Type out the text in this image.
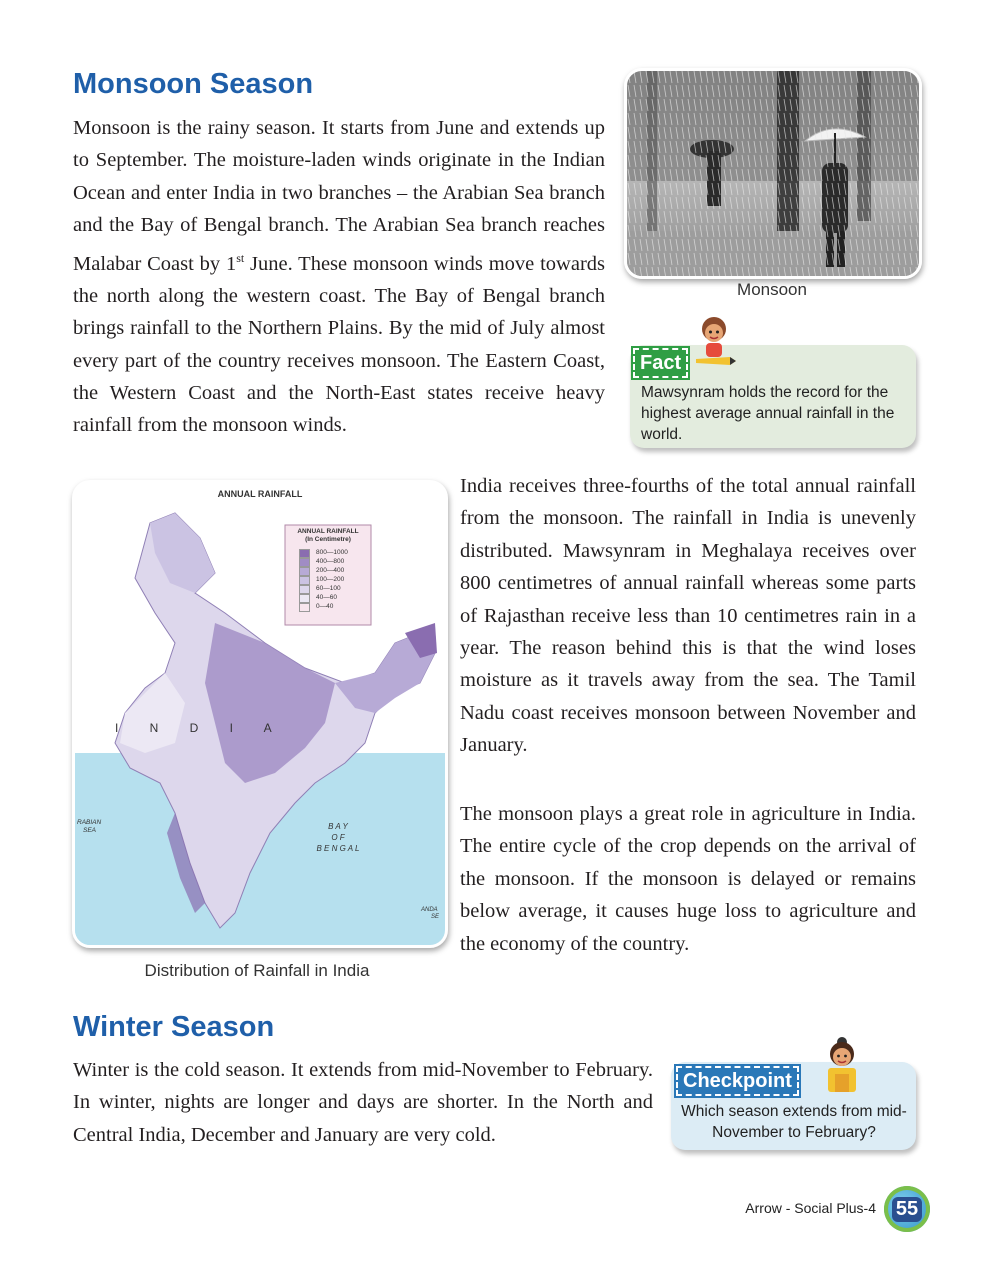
Monsoon Season

Monsoon is the rainy season. It starts from June and extends up to September. The moisture-laden winds originate in the Indian Ocean and enter India in two branches – the Arabian Sea branch and the Bay of Bengal branch. The Arabian Sea branch reaches Malabar Coast by 1st June. These monsoon winds move towards the north along the western coast. The Bay of Bengal branch brings rainfall to the Northern Plains. By the mid of July almost every part of the country receives monsoon. The Eastern Coast, the Western Coast and the North-East states receive heavy rainfall from the monsoon winds.

Monsoon
Fact
Mawsynram holds the record for the highest average annual rainfall in the world.
ANNUAL RAINFALL
ANNUAL RAINFALL
(In Centimetre)
800—1000
400—800
200—400
100—200
60—100
40—60
0—40
I N D I A
B A Y
O F
B E N G A L
RABIAN
SEA
ANDA
SE
Distribution of Rainfall in India

India receives three-fourths of the total annual rainfall from the monsoon. The rainfall in India is unevenly distributed. Mawsynram in Meghalaya receives over 800 centimetres of annual rainfall whereas some parts of Rajasthan receive less than 10 centimetres rain in a year. The reason behind this is that the wind loses moisture as it travels away from the sea. The Tamil Nadu coast receives monsoon between November and January.

The monsoon plays a great role in agriculture in India. The entire cycle of the crop depends on the arrival of the monsoon. If the monsoon is delayed or remains below average, it causes huge loss to agriculture and the economy of the country.

Winter Season

Winter is the cold season. It extends from mid-November to February. In winter, nights are longer and days are shorter. In the North and Central India, December and January are very cold.

Checkpoint
Which season extends from mid-November to February?
Arrow - Social Plus-4 55
